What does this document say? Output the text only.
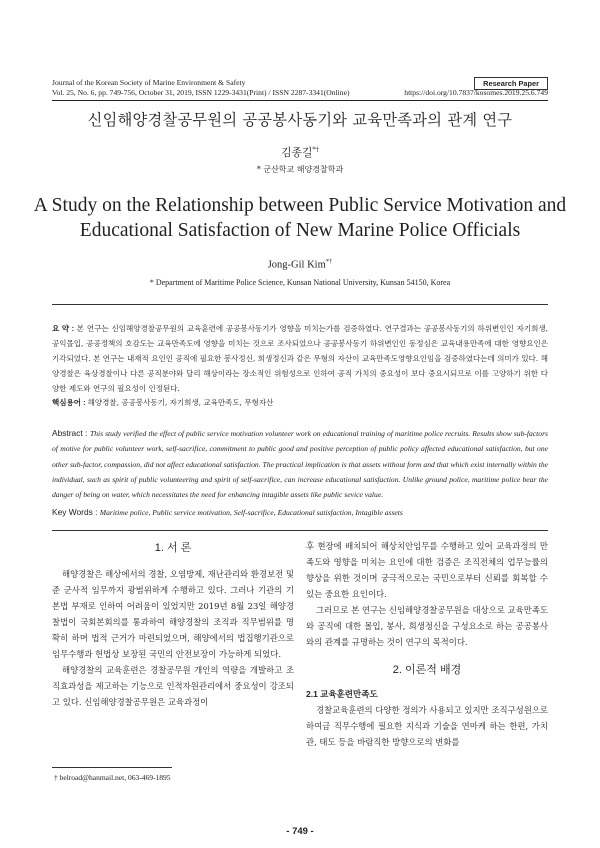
Journal of the Korean Society of Marine Environment & Safety
Vol. 25, No. 6, pp. 749-756, October 31, 2019, ISSN 1229-3431(Print) / ISSN 2287-3341(Online)	https://doi.org/10.7837/kosomes.2019.25.6.749
Research Paper
신임해양경찰공무원의 공공봉사동기와 교육만족과의 관계 연구
김종길*†
* 군산학교 해양경찰학과
A Study on the Relationship between Public Service Motivation and
Educational Satisfaction of New Marine Police Officials
Jong-Gil Kim*†
* Department of Maritime Police Science, Kunsan National University, Kunsan 54150, Korea
요 약 : 본 연구는 신임해양경찰공무원의 교육훈련에 공공봉사동기가 영향을 미치는가를 검증하였다. 연구결과는 공공봉사동기의 하위변인인 자기희생, 공익몰입, 공공정책의 호감도는 교육만족도에 영향을 미치는 것으로 조사되었으나 공공봉사동기 하위변인인 동정심은 교육내용만족에 대한 영향요인은 기각되었다. 본 연구는 내재적 요인인 공직에 필요한 봉사정신, 희생정신과 같은 무형의 자산이 교육만족도영향요인임을 검증하였다는데 의미가 있다. 해양경찰은 육상경찰이나 다른 공직분야와 달리 해상이라는 장소적인 위험성으로 인하여 공직 가치의 중요성이 보다 중요시되므로 이를 고양하기 위한 다양한 제도와 연구의 필요성이 인정된다.
핵심용어 : 해양경찰, 공공봉사동기, 자기희생, 교육만족도, 무형자산
Abstract : This study verified the effect of public service motivation volunteer work on educational training of maritime police recruits. Results show sub-factors of motive for public volunteer work, self-sacrifice, commitment to public good and positive perception of public policy affected educational satisfaction, but one other sub-factor, compassion, did not affect educational satisfaction. The practical implication is that assets without form and that which exist internally within the individual, such as spirit of public volunteering and spirit of self-sacrifice, can increase educational satisfaction. Unlike ground police, maritime police bear the danger of being on water, which necessitates the need for enhancing intagible assets like public sevice value.
Key Words : Maritime police, Public service motivation, Self-sacrifice, Educational satisfaction, Intagible assets
1. 서 론

해양경찰은 해상에서의 경찰, 오염방제, 재난관리와 환경보전 및 준 군사적 임무까지 광범위하게 수행하고 있다. 그러나 기관의 기본법 부재로 인하여 어려움이 있었지만 2019년 8월 23일 해양경찰법이 국회본회의를 통과하여 해양경찰의 조직과 직무범위를 명확히 하며 법적 근거가 마련되었으며, 해양에서의 법집행기관으로 임무수행과 헌법상 보장된 국민의 안전보장이 가능하게 되었다.

해양경찰의 교육훈련은 경찰공무원 개인의 역량을 개발하고 조직효과성을 제고하는 기능으로 인적자원관리에서 중요성이 강조되고 있다. 신임해양경찰공무원은 교육과정이

후 현장에 배치되어 해상치안임무를 수행하고 있어 교육과정의 만족도와 영향을 미치는 요인에 대한 검증은 조직전체의 업무능률의 향상을 위한 것이며 궁극적으로는 국민으로부터 신뢰를 회복할 수 있는 중요한 요인이다.

그러므로 본 연구는 신임해양경찰공무원을 대상으로 교육만족도와 공직에 대한 몰입, 봉사, 희생정신을 구성요소로 하는 공공봉사와의 관계를 규명하는 것이 연구의 목적이다.

2. 이론적 배경
2.1 교육훈련만족도

경찰교육훈련의 다양한 정의가 사용되고 있지만 조직구성원으로 하여금 직무수행에 필요한 지식과 기술을 연마케 하는 한편, 가치관, 태도 등을 바람직한 방향으로의 변화를

† belroad@hanmail.net, 063-469-1895
- 749 -
